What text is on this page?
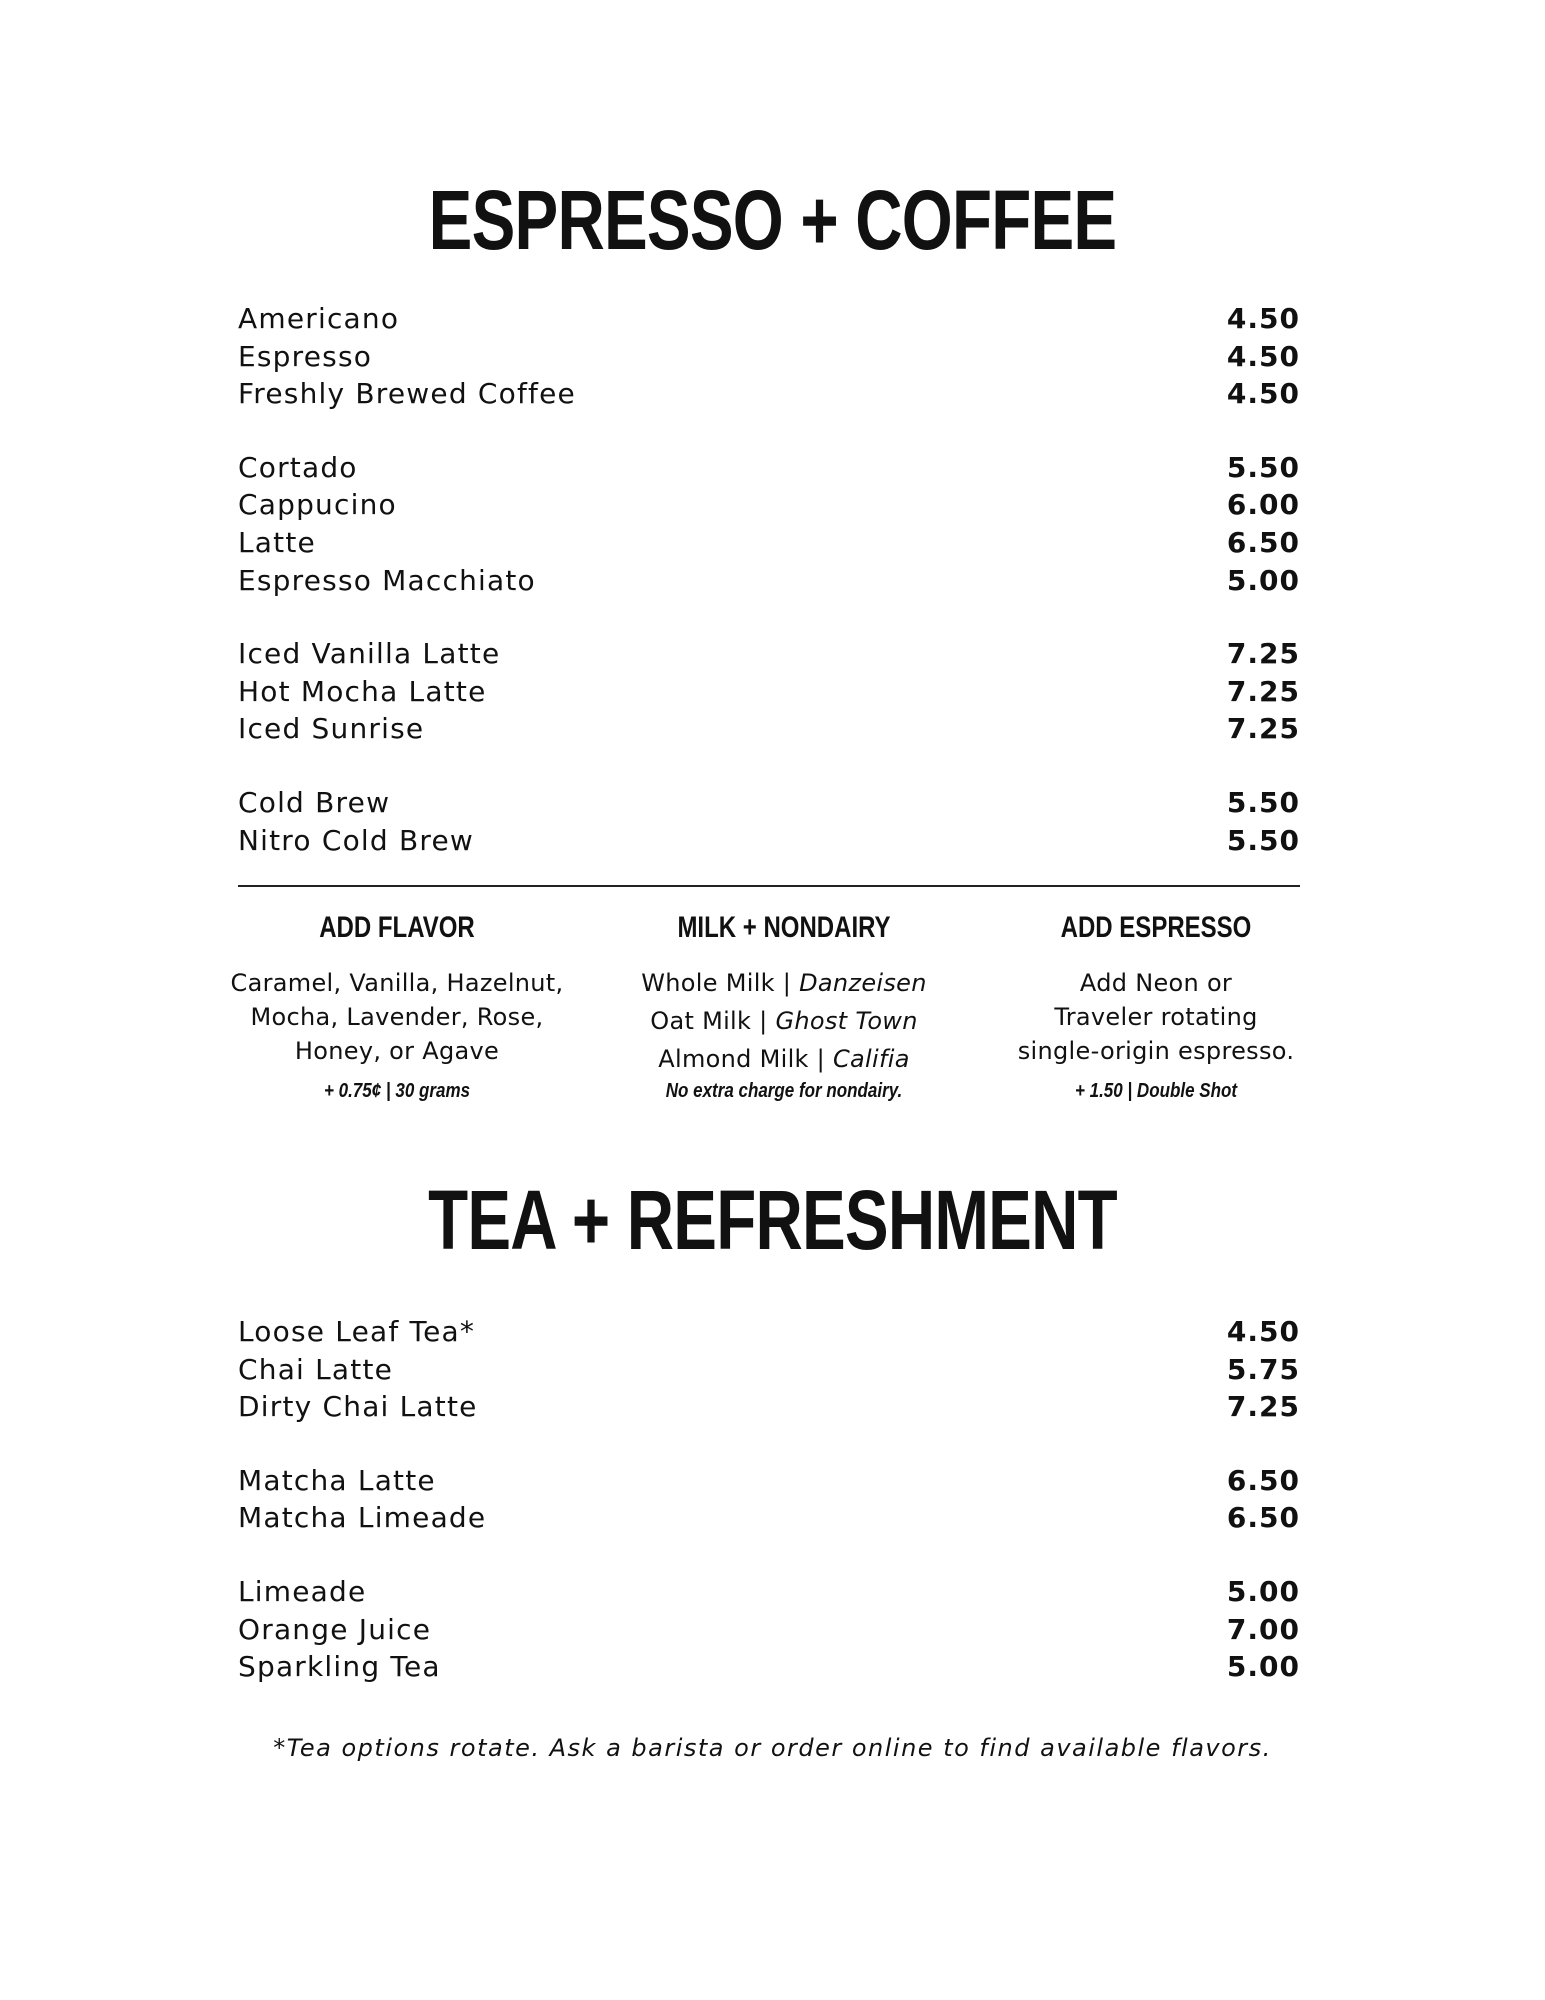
ESPRESSO + COFFEE
Americano	4.50
Espresso	4.50
Freshly Brewed Coffee	4.50
Cortado	5.50
Cappucino	6.00
Latte	6.50
Espresso Macchiato	5.00
Iced Vanilla Latte	7.25
Hot Mocha Latte	7.25
Iced Sunrise	7.25
Cold Brew	5.50
Nitro Cold Brew	5.50
ADD FLAVOR
Caramel, Vanilla, Hazelnut,
Mocha, Lavender, Rose,
Honey, or Agave
+ 0.75¢ | 30 grams
MILK + NONDAIRY
Whole Milk | Danzeisen
Oat Milk | Ghost Town
Almond Milk | Califia
No extra charge for nondairy.
ADD ESPRESSO
Add Neon or
Traveler rotating
single-origin espresso.
+ 1.50 | Double Shot
TEA + REFRESHMENT
Loose Leaf Tea*	4.50
Chai Latte	5.75
Dirty Chai Latte	7.25
Matcha Latte	6.50
Matcha Limeade	6.50
Limeade	5.00
Orange Juice	7.00
Sparkling Tea	5.00
*Tea options rotate. Ask a barista or order online to find available flavors.
